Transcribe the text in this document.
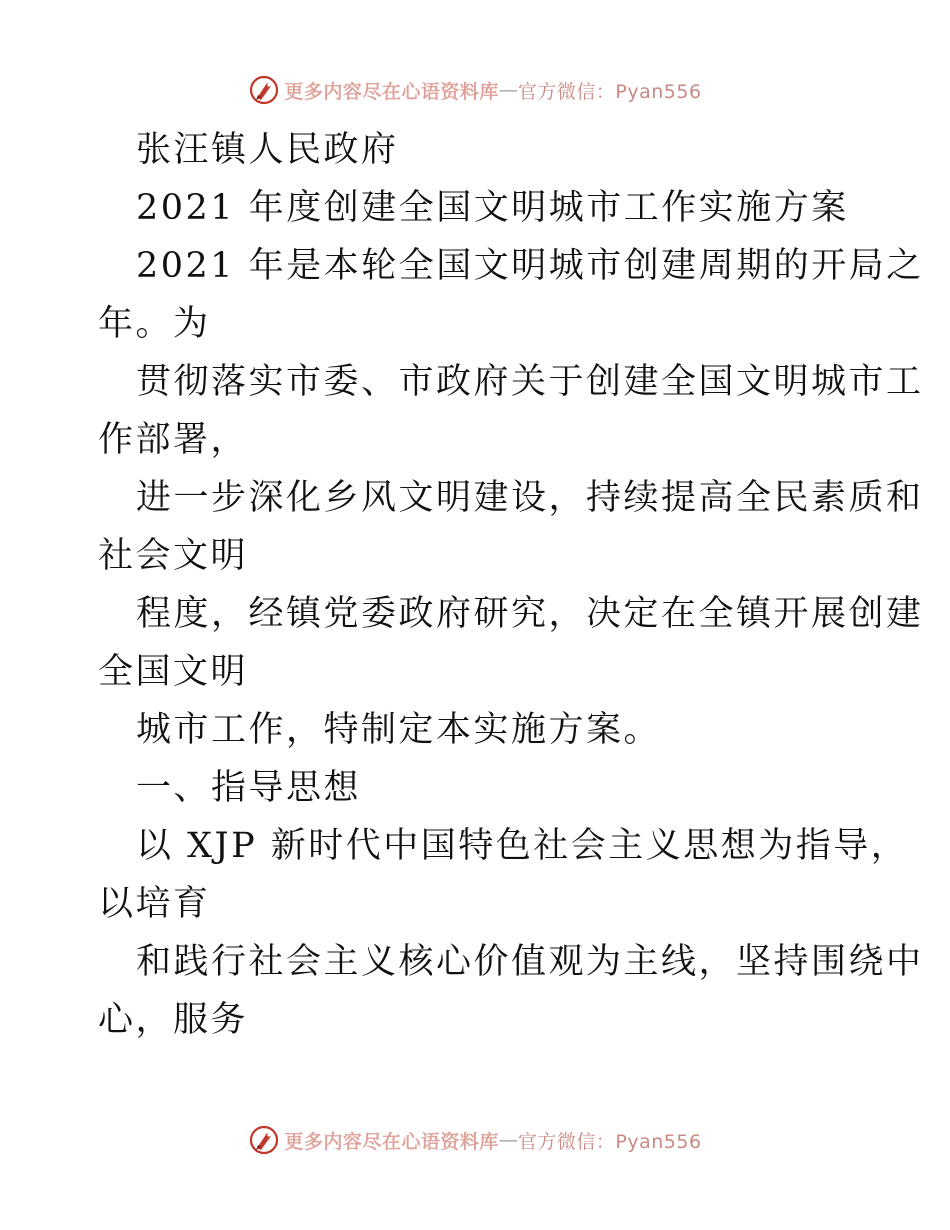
更多内容尽在心语资料库 — 官方微信：Pyan556

张汪镇人民政府

2021 年度创建全国文明城市工作实施方案

2021 年是本轮全国文明城市创建周期的开局之

年。为

贯彻落实市委、市政府关于创建全国文明城市工

作部署，

进一步深化乡风文明建设，持续提高全民素质和

社会文明

程度，经镇党委政府研究，决定在全镇开展创建

全国文明

城市工作，特制定本实施方案。

一、指导思想

以 XJP 新时代中国特色社会主义思想为指导，

以培育

和践行社会主义核心价值观为主线，坚持围绕中

心，服务

更多内容尽在心语资料库 — 官方微信：Pyan556
